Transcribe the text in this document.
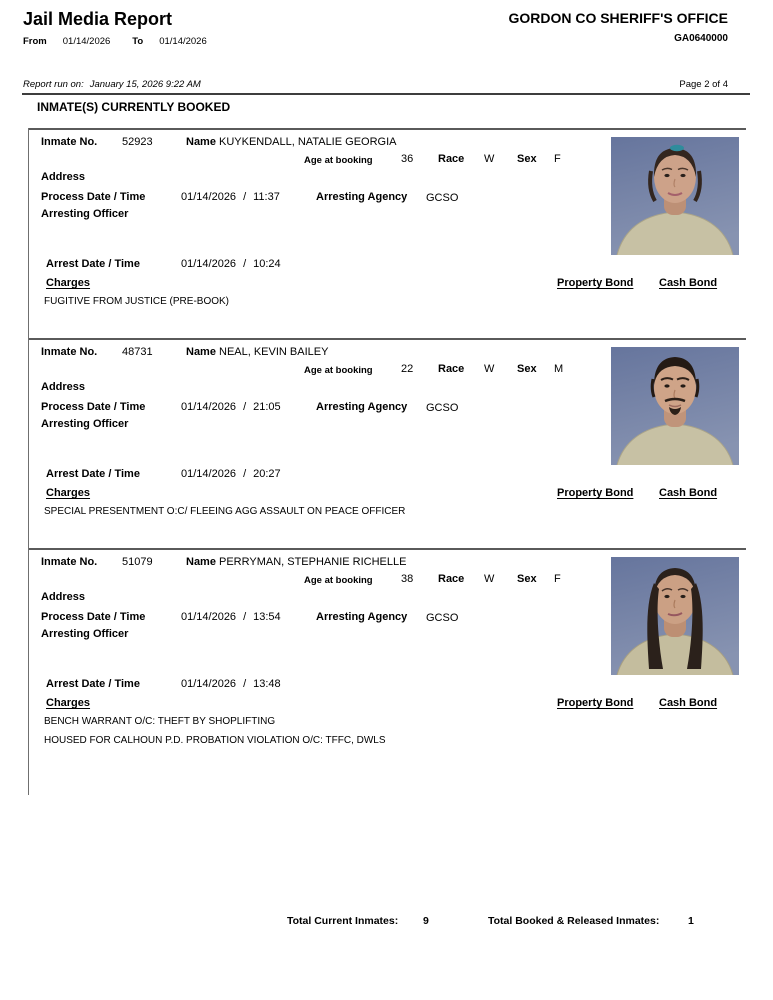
Jail Media Report
From 01/14/2026 To 01/14/2026
GORDON CO SHERIFF'S OFFICE
GA0640000
Report run on: January 15, 2026 9:22 AM	Page 2 of 4
INMATE(S) CURRENTLY BOOKED
Inmate No. 52923	Name KUYKENDALL, NATALIE GEORGIA
Age at booking	36 Race W Sex F
Address
Process Date / Time	01/14/2026 / 11:37	Arresting Agency GCSO
Arresting Officer
Arrest Date / Time	01/14/2026 / 10:24
Charges	Property Bond Cash Bond
FUGITIVE FROM JUSTICE (PRE-BOOK)
Inmate No. 48731	Name NEAL, KEVIN BAILEY
Age at booking	22 Race W Sex M
Address
Process Date / Time	01/14/2026 / 21:05	Arresting Agency GCSO
Arresting Officer
Arrest Date / Time	01/14/2026 / 20:27
Charges	Property Bond Cash Bond
SPECIAL PRESENTMENT O:C/ FLEEING AGG ASSAULT ON PEACE OFFICER
Inmate No. 51079	Name PERRYMAN, STEPHANIE RICHELLE
Age at booking	38 Race W Sex F
Address
Process Date / Time	01/14/2026 / 13:54	Arresting Agency GCSO
Arresting Officer
Arrest Date / Time	01/14/2026 / 13:48
Charges	Property Bond Cash Bond
BENCH WARRANT O/C: THEFT BY SHOPLIFTING
HOUSED FOR CALHOUN P.D. PROBATION VIOLATION O/C: TFFC, DWLS
Total Current Inmates: 9	Total Booked & Released Inmates:	1
